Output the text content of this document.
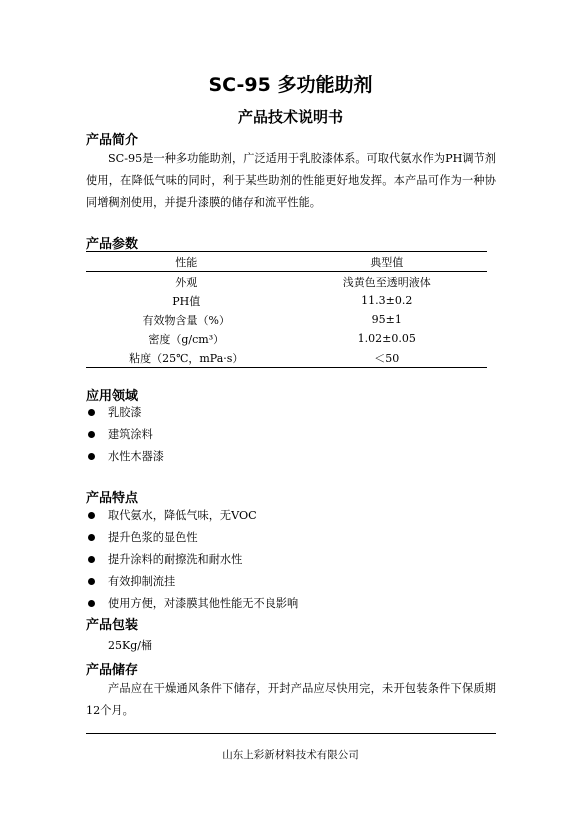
SC-95 多功能助剂
产品技术说明书
产品简介
SC-95是一种多功能助剂，广泛适用于乳胶漆体系。可取代氨水作为PH调节剂使用，在降低气味的同时，利于某些助剂的性能更好地发挥。本产品可作为一种协同增稠剂使用，并提升漆膜的储存和流平性能。
产品参数
性能	典型值
外观	浅黄色至透明液体
PH值	11.3±0.2
有效物含量（%）	95±1
密度（g/cm³）	1.02±0.05
粘度（25℃，mPa·s）	＜50
应用领域
乳胶漆
建筑涂料
水性木器漆
产品特点
取代氨水，降低气味，无VOC
提升色浆的显色性
提升涂料的耐擦洗和耐水性
有效抑制流挂
使用方便，对漆膜其他性能无不良影响
产品包装
25Kg/桶
产品储存
产品应在干燥通风条件下储存，开封产品应尽快用完，未开包装条件下保质期12个月。
山东上彩新材料技术有限公司
